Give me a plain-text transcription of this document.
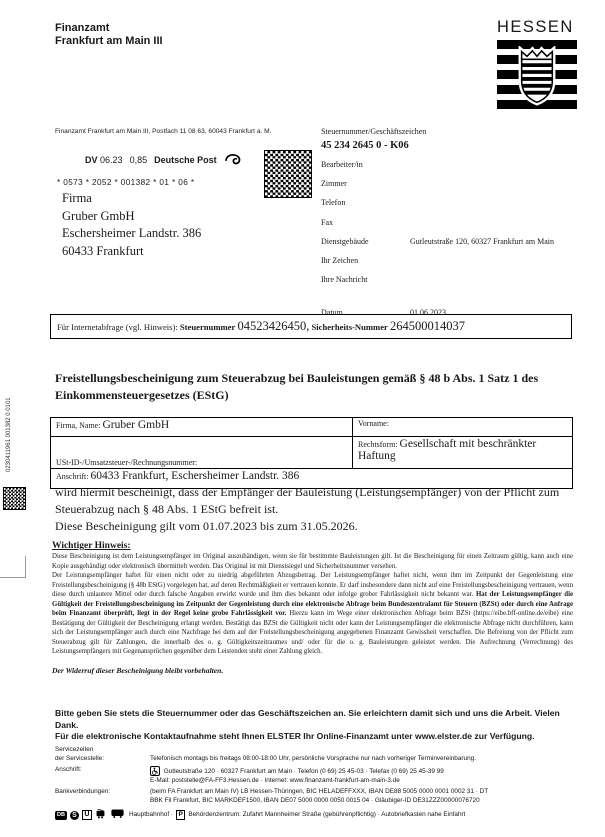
Finanzamt
Frankfurt am Main III
HESSEN
Finanzamt Frankfurt am Main III, Postfach 11 08 63, 60043 Frankfurt a. M.
DV 06.23 0,85 Deutsche Post
* 0573 * 2052 * 001382 * 01 * 06 *
Firma
Gruber GmbH
Eschersheimer Landstr. 386
60433 Frankfurt
Steuernummer/Geschäftszeichen
45 234 2645 0 - K06
Bearbeiter/in
Zimmer
Telefon
Fax
Dienstgebäude	Gutleutstraße 120, 60327 Frankfurt am Main
Ihr Zeichen
Ihre Nachricht
Datum	01.06.2023
Für Internetabfrage (vgl. Hinweis): Steuernummer 04523426450, Sicherheits-Nummer 264500014037
Freistellungsbescheinigung zum Steuerabzug bei Bauleistungen gemäß § 48 b Abs. 1 Satz 1 des Einkommensteuergesetzes (EStG)
Firma, Name: Gruber GmbH	Vorname:
USt-ID-/Umsatzsteuer-/Rechnungsnummer:
Rechtsform: Gesellschaft mit beschränkter Haftung
Anschrift: 60433 Frankfurt, Eschersheimer Landstr. 386

wird hiermit bescheinigt, dass der Empfänger der Bauleistung (Leistungsempfänger) von der Pflicht zum Steuerabzug nach § 48 Abs. 1 EStG befreit ist.

Diese Bescheinigung gilt vom 01.07.2023 bis zum 31.05.2026.

Wichtiger Hinweis:

Diese Bescheinigung ist dem Leistungsempfänger im Original auszuhändigen, wenn sie für bestimmte Bauleistungen gilt. Ist die Bescheinigung für einen Zeitraum gültig, kann auch eine Kopie ausgehändigt oder elektronisch übermittelt werden. Das Original ist mit Dienstsiegel und Sicherheitsnummer versehen.

Der Leistungsempfänger haftet für einen nicht oder zu niedrig abgeführten Abzugsbetrag. Der Leistungsempfänger haftet nicht, wenn ihm im Zeitpunkt der Gegenleistung eine Freistellungsbescheinigung (§ 48b EStG) vorgelegen hat, auf deren Rechtmäßigkeit er vertrauen konnte. Er darf insbesondere dann nicht auf eine Freistellungsbescheinigung vertrauen, wenn diese durch unlautere Mittel oder durch falsche Angaben erwirkt wurde und ihm dies bekannt oder infolge grober Fahrlässigkeit nicht bekannt war. Hat der Leistungsempfänger die Gültigkeit der Freistellungsbescheinigung im Zeitpunkt der Gegenleistung durch eine elektronische Abfrage beim Bundeszentralamt für Steuern (BZSt) oder durch eine Anfrage beim Finanzamt überprüft, liegt in der Regel keine grobe Fahrlässigkeit vor. Hierzu kann im Wege einer elektronischen Abfrage beim BZSt (https://eibe.bff-online.de/eibe) eine Bestätigung der Gültigkeit der Bescheinigung erlangt werden. Bestätigt das BZSt die Gültigkeit nicht oder kann der Leistungsempfänger die elektronische Abfrage nicht durchführen, kann sich der Leistungsempfänger auch durch eine Nachfrage bei dem auf der Freistellungsbescheinigung angegebenen Finanzamt Gewissheit verschaffen. Die Befreiung von der Pflicht zum Steuerabzug gilt für Zahlungen, die innerhalb des o. g. Gültigkeitszeitraumes und/ oder für die o. g. Bauleistungen geleistet werden. Die Aufrechnung (Verrechnung) des Leistungsempfängers mit Gegenansprüchen gegenüber dem Leistenden steht einer Zahlung gleich.

Der Widerruf dieser Bescheinigung bleibt vorbehalten.

Bitte geben Sie stets die Steuernummer oder das Geschäftszeichen an. Sie erleichtern damit sich und uns die Arbeit. Vielen Dank.
Für die elektronische Kontaktaufnahme steht Ihnen ELSTER Ihr Online-Finanzamt unter www.elster.de zur Verfügung.
Servicezeiten
der Servicestelle:	Telefonisch montags bis freitags 08:00-18:00 Uhr, persönliche Vorsprache nur nach vorheriger Terminvereinbarung.
Anschrift:	Gutleutstraße 120 · 60327 Frankfurt am Main · Telefon (0 69) 25 45-03 · Telefax (0 69) 25 45-39 99
E-Mail: poststelle@FA-FF3.Hessen.de · Internet: www.finanzamt-frankfurt-am-main-3.de
Bankverbindungen:	(beim FA Frankfurt am Main IV) LB Hessen-Thüringen, BIC HELADEFFXXX, IBAN DE88 5005 0000 0001 0002 31 · DT
BBK Fil Frankfurt, BIC MARKDEF1500, IBAN DE07 5000 0000 0050 0015 04 · Gläubiger-ID DE31ZZZ00000076720
DB	S	U	Hauptbahnhof · P Behördenzentrum: Zufahrt Mannheimer Straße (gebührenpflichtig) · Autobriefkasten nahe Einfahrt
0230411961 001382 0 0101
